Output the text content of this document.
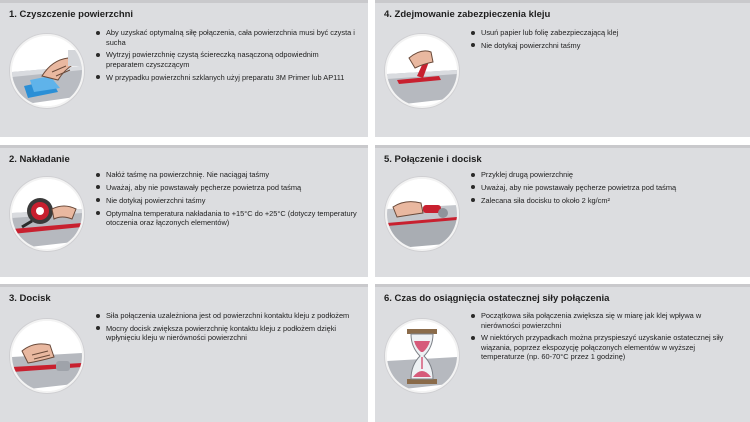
1. Czyszczenie powierzchni
Aby uzyskać optymalną siłę połączenia, cała powierzchnia musi być czysta i sucha
Wytrzyj powierzchnię czystą ściereczką nasączoną odpowiednim preparatem czyszczącym
W przypadku powierzchni szklanych użyj preparatu 3M Primer lub AP111
2. Nakładanie
Nałóż taśmę na powierzchnię. Nie naciągaj taśmy
Uważaj, aby nie powstawały pęcherze powietrza pod taśmą
Nie dotykaj powierzchni taśmy
Optymalna temperatura nakładania to +15°C do +25°C (dotyczy temperatury otoczenia oraz łączonych elementów)
3. Docisk
Siła połączenia uzależniona jest od powierzchni kontaktu kleju z podłożem
Mocny docisk zwiększa powierzchnię kontaktu kleju z podłożem dzięki wpłynięciu kleju w nierówności powierzchni
4. Zdejmowanie zabezpieczenia kleju
Usuń papier lub folię zabezpieczającą klej
Nie dotykaj powierzchni taśmy
5. Połączenie i docisk
Przyklej drugą powierzchnię
Uważaj, aby nie powstawały pęcherze powietrza pod taśmą
Zalecana siła docisku to około 2 kg/cm²
6. Czas do osiągnięcia ostatecznej siły połączenia
Początkowa siła połączenia zwiększa się w miarę jak klej wpływa w nierówności powierzchni
W niektórych przypadkach można przyspieszyć uzyskanie ostatecznej siły wiązania, poprzez ekspozycję połączonych elementów w wyższej temperaturze (np. 60-70°C przez 1 godzinę)
